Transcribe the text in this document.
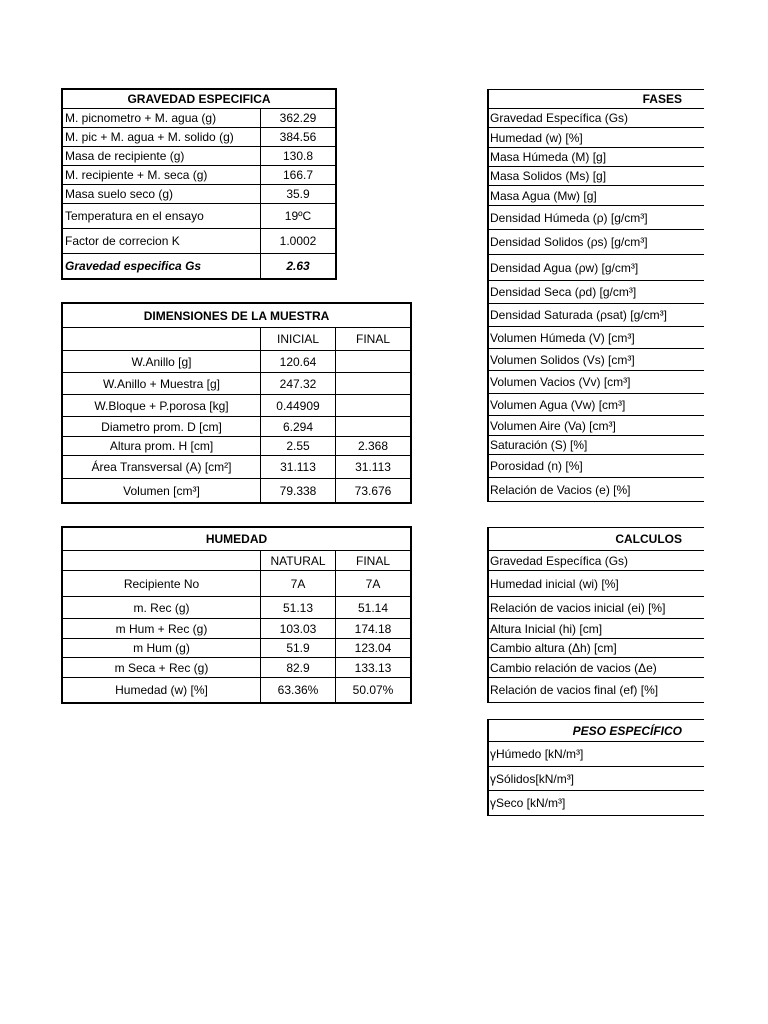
GRAVEDAD ESPECIFICA	
M. picnometro + M. agua (g)	362.29
M. pic + M. agua + M. solido (g)	384.56
Masa de recipiente (g)	130.8
M. recipiente + M. seca (g)	166.7
Masa suelo seco (g)	35.9
Temperatura en el ensayo	19ºC
Factor de correcion K	1.0002
Gravedad especifica Gs	2.63
DIMENSIONES DE LA MUESTRA		
	INICIAL	FINAL
W.Anillo [g]	120.64	
W.Anillo + Muestra [g]	247.32	
W.Bloque + P.porosa [kg]	0.44909	
Diametro prom. D [cm]	6.294	
Altura prom. H [cm]	2.55	2.368
Área Transversal (A) [cm²]	31.113	31.113
Volumen [cm³]	79.338	73.676
HUMEDAD		
	NATURAL	FINAL
Recipiente No	7A	7A
m. Rec (g)	51.13	51.14
m Hum + Rec (g)	103.03	174.18
m Hum (g)	51.9	123.04
m Seca + Rec (g)	82.9	133.13
Humedad (w) [%]	63.36%	50.07%
FASES
Gravedad Específica (Gs)
Humedad (w) [%]
Masa Húmeda (M) [g]
Masa Solidos (Ms) [g]
Masa Agua (Mw) [g]
Densidad Húmeda (ρ) [g/cm³]
Densidad Solidos (ρs) [g/cm³]
Densidad Agua (ρw) [g/cm³]
Densidad Seca (ρd) [g/cm³]
Densidad Saturada (ρsat) [g/cm³]
Volumen Húmeda (V) [cm³]
Volumen Solidos (Vs) [cm³]
Volumen Vacios (Vv) [cm³]
Volumen Agua (Vw) [cm³]
Volumen Aire (Va) [cm³]
Saturación (S) [%]
Porosidad (n) [%]
Relación de Vacios (e) [%]
CALCULOS
Gravedad Específica (Gs)
Humedad inicial (wi) [%]
Relación de vacios inicial (ei) [%]
Altura Inicial (hi) [cm]
Cambio altura (Δh) [cm]
Cambio relación de vacios (Δe)
Relación de vacios final (ef) [%]
PESO ESPECÍFICO
γHúmedo [kN/m³]
γSólidos[kN/m³]
γSeco [kN/m³]
